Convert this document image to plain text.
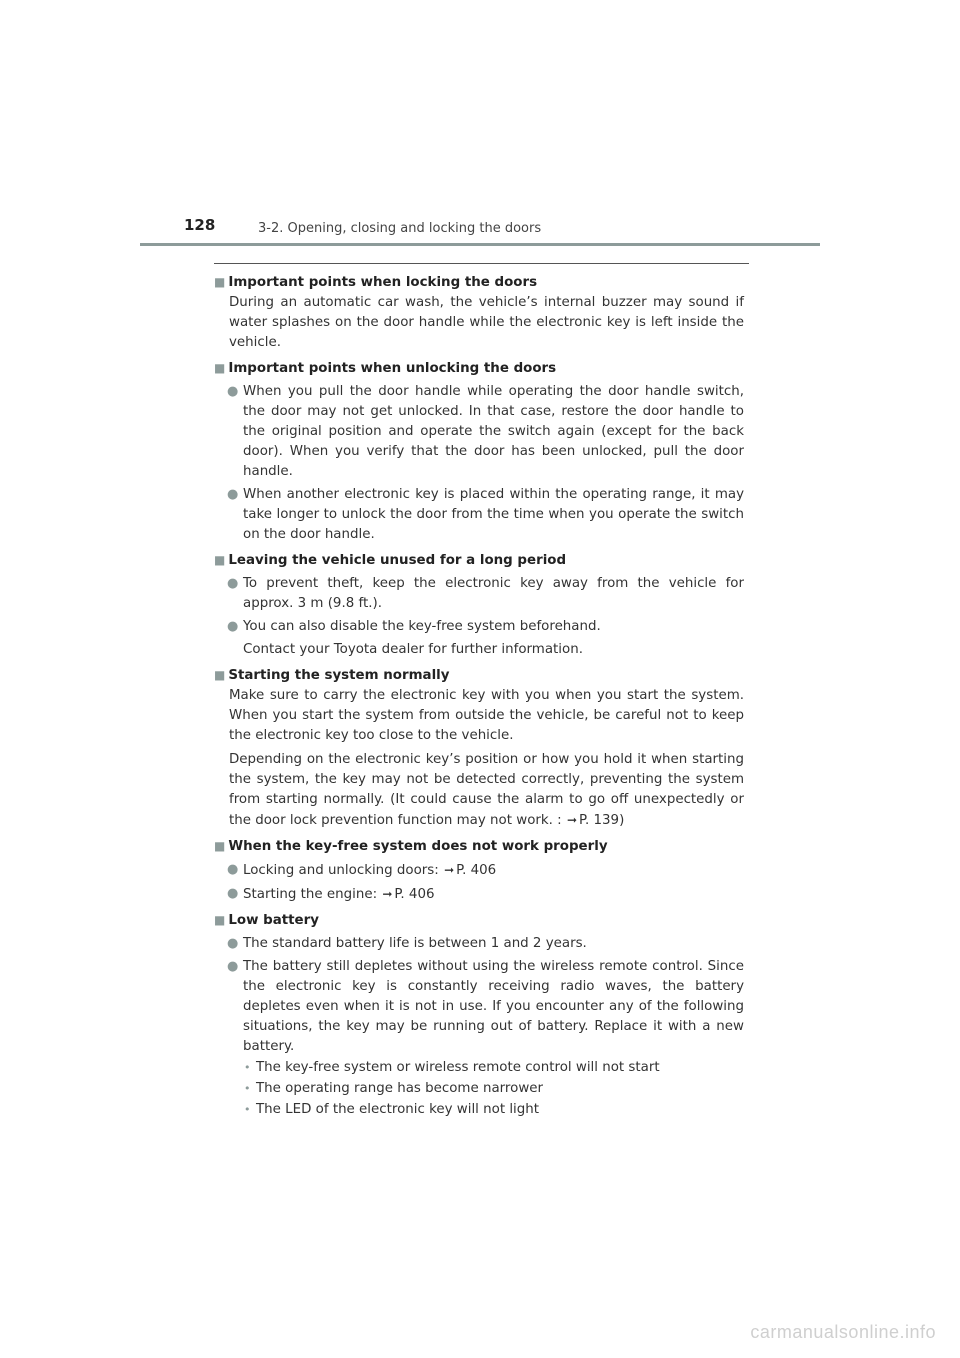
128	3-2. Opening, closing and locking the doors
■ Important points when locking the doors

During an automatic car wash, the vehicle’s internal buzzer may sound if water splashes on the door handle while the electronic key is left inside the vehicle.

■ Important points when unlocking the doors
● When you pull the door handle while operating the door handle switch, the door may not get unlocked. In that case, restore the door handle to the original position and operate the switch again (except for the back door). When you verify that the door has been unlocked, pull the door handle.
● When another electronic key is placed within the operating range, it may take longer to unlock the door from the time when you operate the switch on the door handle.
■ Leaving the vehicle unused for a long period
● To prevent theft, keep the electronic key away from the vehicle for approx. 3 m (9.8 ft.).
● You can also disable the key-free system beforehand.
Contact your Toyota dealer for further information.
■ Starting the system normally

Make sure to carry the electronic key with you when you start the system. When you start the system from outside the vehicle, be careful not to keep the electronic key too close to the vehicle.

Depending on the electronic key’s position or how you hold it when starting the system, the key may not be detected correctly, preventing the system from starting normally. (It could cause the alarm to go off unexpectedly or the door lock prevention function may not work. : ➞ P. 139)

■ When the key-free system does not work properly
● Locking and unlocking doors: ➞ P. 406
● Starting the engine: ➞ P. 406
■ Low battery
● The standard battery life is between 1 and 2 years.
● The battery still depletes without using the wireless remote control. Since the electronic key is constantly receiving radio waves, the battery depletes even when it is not in use. If you encounter any of the following situations, the key may be running out of battery. Replace it with a new battery.
• The key-free system or wireless remote control will not start
• The operating range has become narrower
• The LED of the electronic key will not light
carmanualsonline.info
